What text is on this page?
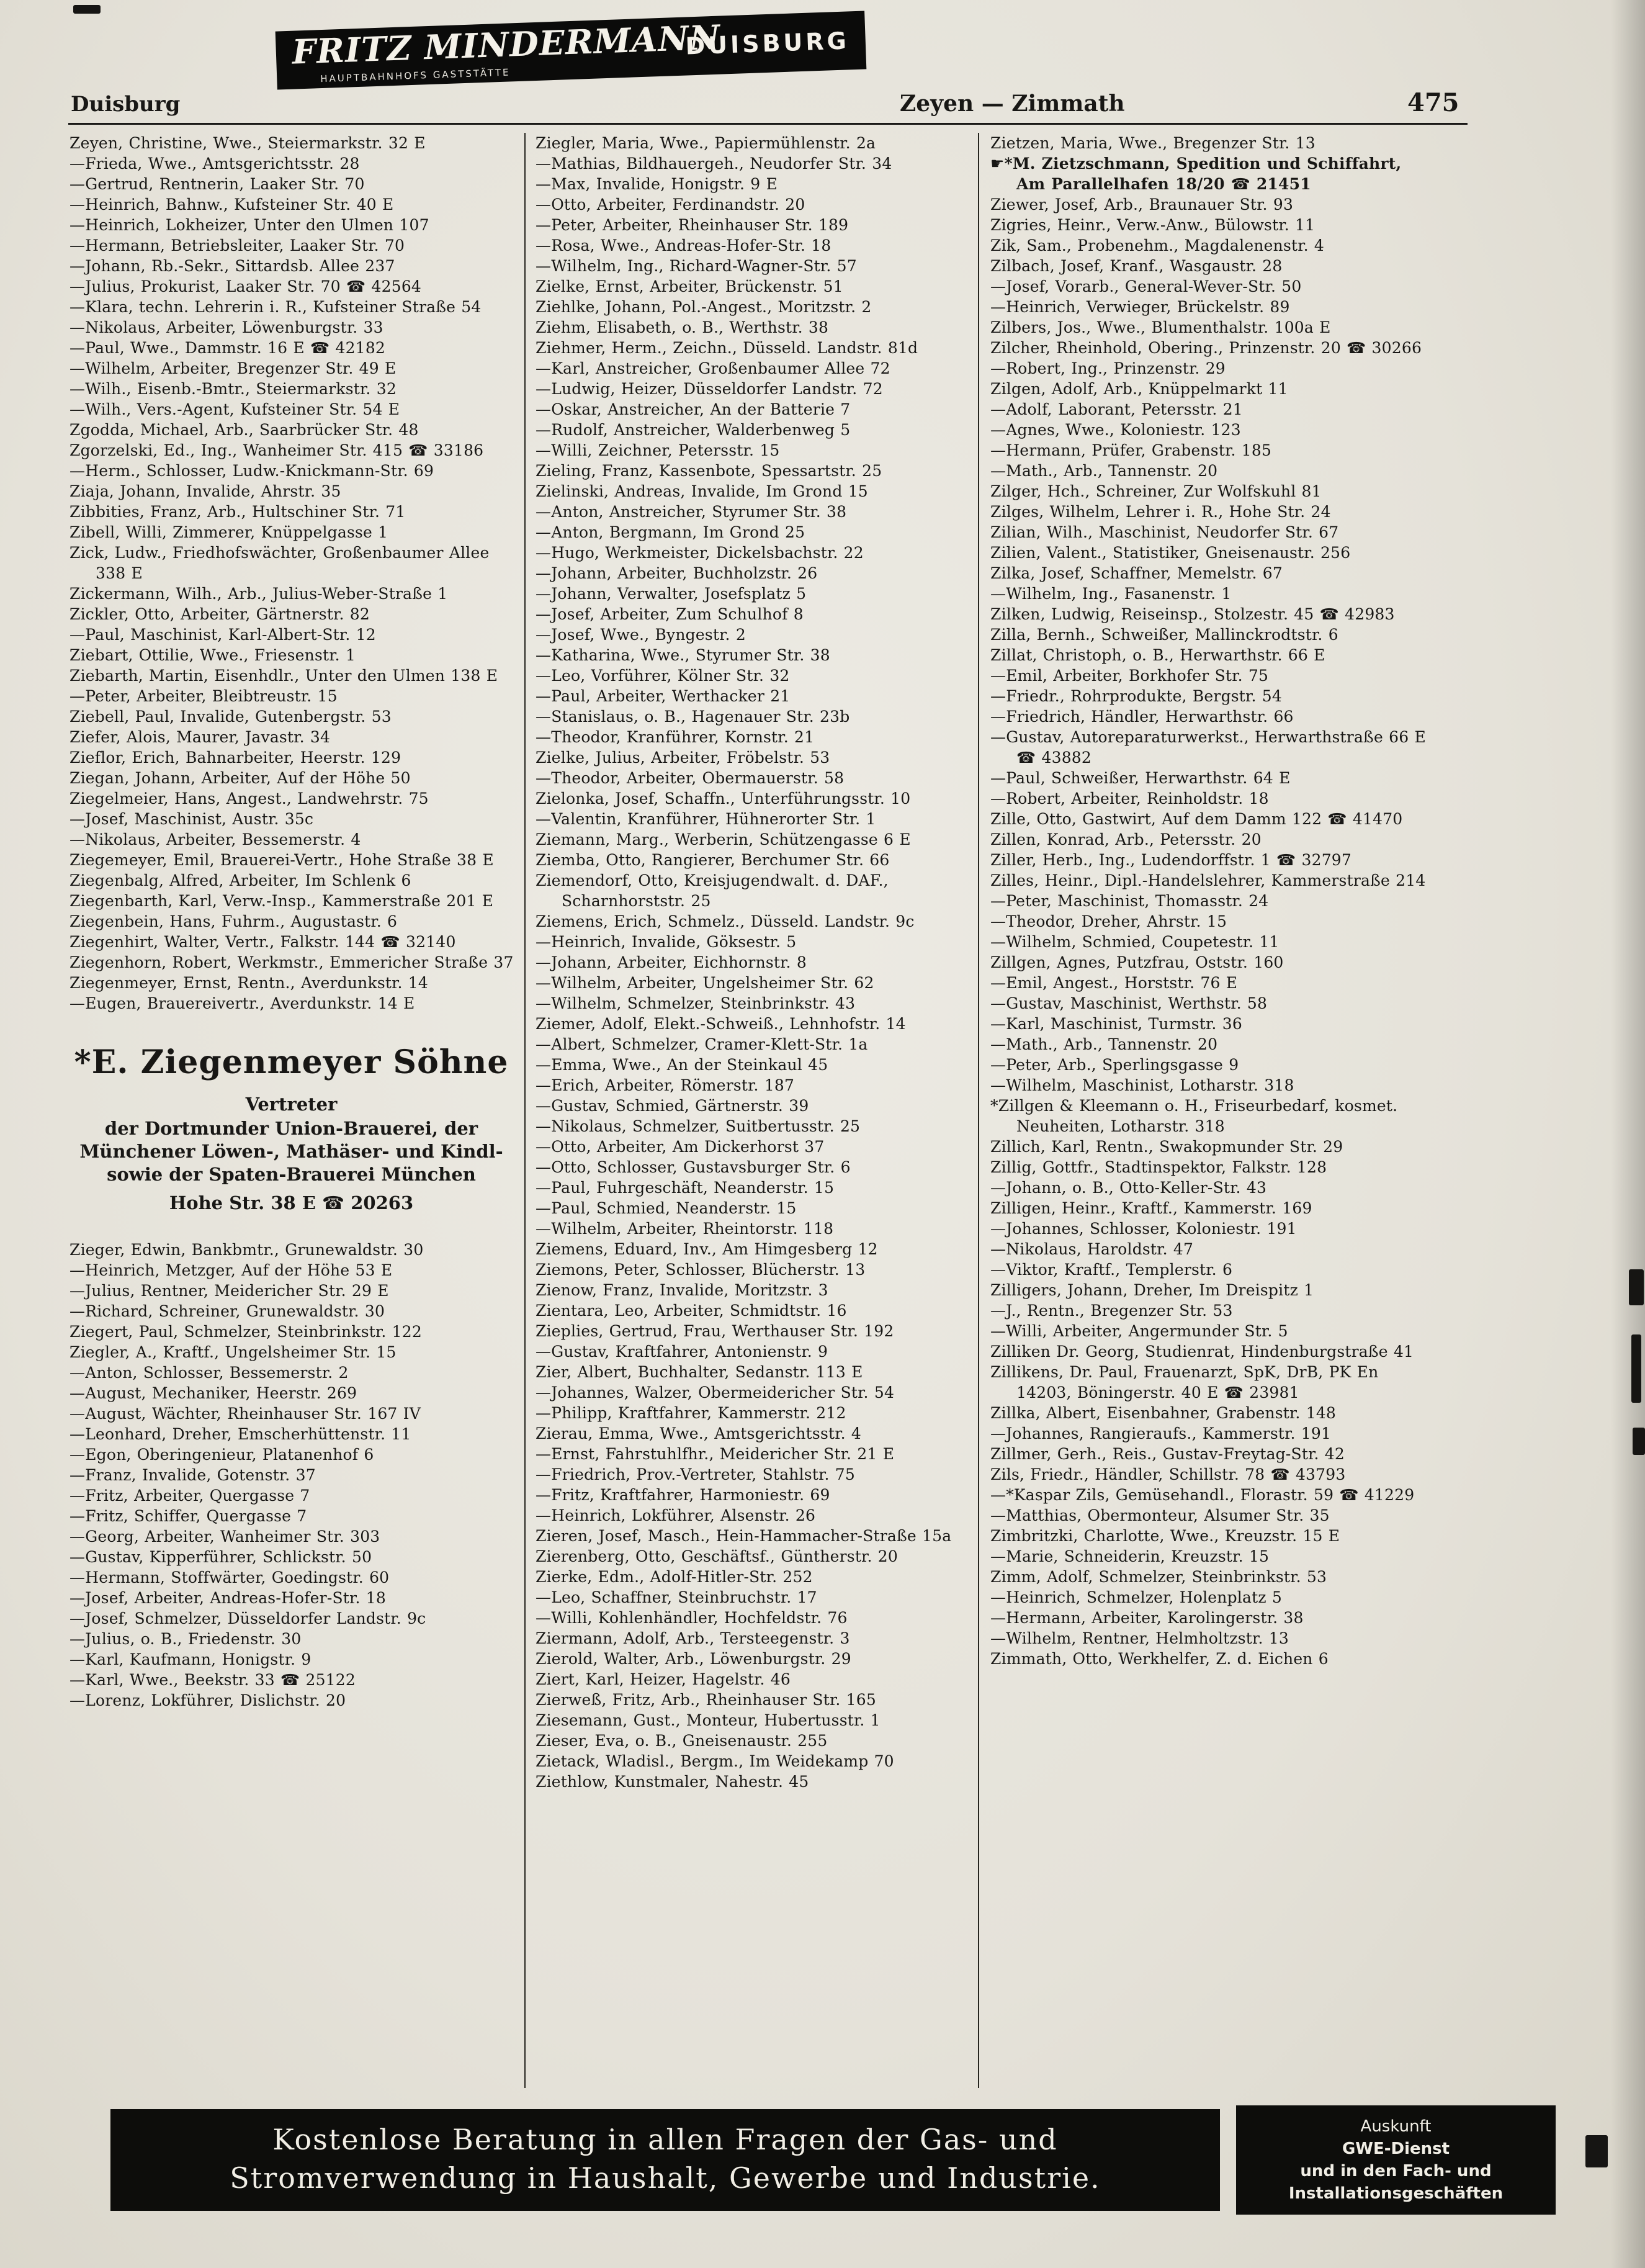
FRITZ MINDERMANN
HAUPTBAHNHOFS GASTSTÄTTE
DUISBURG
Duisburg	Zeyen — Zimmath	475
Zeyen, Christine, Wwe., Steiermarkstr. 32 E
—Frieda, Wwe., Amtsgerichtsstr. 28
—Gertrud, Rentnerin, Laaker Str. 70
—Heinrich, Bahnw., Kufsteiner Str. 40 E
—Heinrich, Lokheizer, Unter den Ulmen 107
—Hermann, Betriebsleiter, Laaker Str. 70
—Johann, Rb.-Sekr., Sittardsb. Allee 237
—Julius, Prokurist, Laaker Str. 70 ☎ 42564
—Klara, techn. Lehrerin i. R., Kufsteiner Straße 54
—Nikolaus, Arbeiter, Löwenburgstr. 33
—Paul, Wwe., Dammstr. 16 E ☎ 42182
—Wilhelm, Arbeiter, Bregenzer Str. 49 E
—Wilh., Eisenb.-Bmtr., Steiermarkstr. 32
—Wilh., Vers.-Agent, Kufsteiner Str. 54 E
Zgodda, Michael, Arb., Saarbrücker Str. 48
Zgorzelski, Ed., Ing., Wanheimer Str. 415 ☎ 33186
—Herm., Schlosser, Ludw.-Knickmann-Str. 69
Ziaja, Johann, Invalide, Ahrstr. 35
Zibbities, Franz, Arb., Hultschiner Str. 71
Zibell, Willi, Zimmerer, Knüppelgasse 1
Zick, Ludw., Friedhofswächter, Großenbaumer Allee 338 E
Zickermann, Wilh., Arb., Julius-Weber-Straße 1
Zickler, Otto, Arbeiter, Gärtnerstr. 82
—Paul, Maschinist, Karl-Albert-Str. 12
Ziebart, Ottilie, Wwe., Friesenstr. 1
Ziebarth, Martin, Eisenhdlr., Unter den Ulmen 138 E
—Peter, Arbeiter, Bleibtreustr. 15
Ziebell, Paul, Invalide, Gutenbergstr. 53
Ziefer, Alois, Maurer, Javastr. 34
Zieflor, Erich, Bahnarbeiter, Heerstr. 129
Ziegan, Johann, Arbeiter, Auf der Höhe 50
Ziegelmeier, Hans, Angest., Landwehrstr. 75
—Josef, Maschinist, Austr. 35c
—Nikolaus, Arbeiter, Bessemerstr. 4
Ziegemeyer, Emil, Brauerei-Vertr., Hohe Straße 38 E
Ziegenbalg, Alfred, Arbeiter, Im Schlenk 6
Ziegenbarth, Karl, Verw.-Insp., Kammerstraße 201 E
Ziegenbein, Hans, Fuhrm., Augustastr. 6
Ziegenhirt, Walter, Vertr., Falkstr. 144 ☎ 32140
Ziegenhorn, Robert, Werkmstr., Emmericher Straße 37
Ziegenmeyer, Ernst, Rentn., Averdunkstr. 14
—Eugen, Brauereivertr., Averdunkstr. 14 E
*E. Ziegenmeyer Söhne
Vertreter
der Dortmunder Union-Brauerei, der
Münchener Löwen-, Mathäser- und Kindl-
sowie der Spaten-Brauerei München
Hohe Str. 38 E ☎ 20263
Zieger, Edwin, Bankbmtr., Grunewaldstr. 30
—Heinrich, Metzger, Auf der Höhe 53 E
—Julius, Rentner, Meidericher Str. 29 E
—Richard, Schreiner, Grunewaldstr. 30
Ziegert, Paul, Schmelzer, Steinbrinkstr. 122
Ziegler, A., Kraftf., Ungelsheimer Str. 15
—Anton, Schlosser, Bessemerstr. 2
—August, Mechaniker, Heerstr. 269
—August, Wächter, Rheinhauser Str. 167 IV
—Leonhard, Dreher, Emscherhüttenstr. 11
—Egon, Oberingenieur, Platanenhof 6
—Franz, Invalide, Gotenstr. 37
—Fritz, Arbeiter, Quergasse 7
—Fritz, Schiffer, Quergasse 7
—Georg, Arbeiter, Wanheimer Str. 303
—Gustav, Kipperführer, Schlickstr. 50
—Hermann, Stoffwärter, Goedingstr. 60
—Josef, Arbeiter, Andreas-Hofer-Str. 18
—Josef, Schmelzer, Düsseldorfer Landstr. 9c
—Julius, o. B., Friedenstr. 30
—Karl, Kaufmann, Honigstr. 9
—Karl, Wwe., Beekstr. 33 ☎ 25122
—Lorenz, Lokführer, Dislichstr. 20
Ziegler, Maria, Wwe., Papiermühlenstr. 2a
—Mathias, Bildhauergeh., Neudorfer Str. 34
—Max, Invalide, Honigstr. 9 E
—Otto, Arbeiter, Ferdinandstr. 20
—Peter, Arbeiter, Rheinhauser Str. 189
—Rosa, Wwe., Andreas-Hofer-Str. 18
—Wilhelm, Ing., Richard-Wagner-Str. 57
Zielke, Ernst, Arbeiter, Brückenstr. 51
Ziehlke, Johann, Pol.-Angest., Moritzstr. 2
Ziehm, Elisabeth, o. B., Werthstr. 38
Ziehmer, Herm., Zeichn., Düsseld. Landstr. 81d
—Karl, Anstreicher, Großenbaumer Allee 72
—Ludwig, Heizer, Düsseldorfer Landstr. 72
—Oskar, Anstreicher, An der Batterie 7
—Rudolf, Anstreicher, Walderbenweg 5
—Willi, Zeichner, Petersstr. 15
Zieling, Franz, Kassenbote, Spessartstr. 25
Zielinski, Andreas, Invalide, Im Grond 15
—Anton, Anstreicher, Styrumer Str. 38
—Anton, Bergmann, Im Grond 25
—Hugo, Werkmeister, Dickelsbachstr. 22
—Johann, Arbeiter, Buchholzstr. 26
—Johann, Verwalter, Josefsplatz 5
—Josef, Arbeiter, Zum Schulhof 8
—Josef, Wwe., Byngestr. 2
—Katharina, Wwe., Styrumer Str. 38
—Leo, Vorführer, Kölner Str. 32
—Paul, Arbeiter, Werthacker 21
—Stanislaus, o. B., Hagenauer Str. 23b
—Theodor, Kranführer, Kornstr. 21
Zielke, Julius, Arbeiter, Fröbelstr. 53
—Theodor, Arbeiter, Obermauerstr. 58
Zielonka, Josef, Schaffn., Unterführungsstr. 10
—Valentin, Kranführer, Hühnerorter Str. 1
Ziemann, Marg., Werberin, Schützengasse 6 E
Ziemba, Otto, Rangierer, Berchumer Str. 66
Ziemendorf, Otto, Kreisjugendwalt. d. DAF., Scharnhorststr. 25
Ziemens, Erich, Schmelz., Düsseld. Landstr. 9c
—Heinrich, Invalide, Göksestr. 5
—Johann, Arbeiter, Eichhornstr. 8
—Wilhelm, Arbeiter, Ungelsheimer Str. 62
—Wilhelm, Schmelzer, Steinbrinkstr. 43
Ziemer, Adolf, Elekt.-Schweiß., Lehnhofstr. 14
—Albert, Schmelzer, Cramer-Klett-Str. 1a
—Emma, Wwe., An der Steinkaul 45
—Erich, Arbeiter, Römerstr. 187
—Gustav, Schmied, Gärtnerstr. 39
—Nikolaus, Schmelzer, Suitbertusstr. 25
—Otto, Arbeiter, Am Dickerhorst 37
—Otto, Schlosser, Gustavsburger Str. 6
—Paul, Fuhrgeschäft, Neanderstr. 15
—Paul, Schmied, Neanderstr. 15
—Wilhelm, Arbeiter, Rheintorstr. 118
Ziemens, Eduard, Inv., Am Himgesberg 12
Ziemons, Peter, Schlosser, Blücherstr. 13
Zienow, Franz, Invalide, Moritzstr. 3
Zientara, Leo, Arbeiter, Schmidtstr. 16
Zieplies, Gertrud, Frau, Werthauser Str. 192
—Gustav, Kraftfahrer, Antonienstr. 9
Zier, Albert, Buchhalter, Sedanstr. 113 E
—Johannes, Walzer, Obermeidericher Str. 54
—Philipp, Kraftfahrer, Kammerstr. 212
Zierau, Emma, Wwe., Amtsgerichtsstr. 4
—Ernst, Fahrstuhlfhr., Meidericher Str. 21 E
—Friedrich, Prov.-Vertreter, Stahlstr. 75
—Fritz, Kraftfahrer, Harmoniestr. 69
—Heinrich, Lokführer, Alsenstr. 26
Zieren, Josef, Masch., Hein-Hammacher-Straße 15a
Zierenberg, Otto, Geschäftsf., Güntherstr. 20
Zierke, Edm., Adolf-Hitler-Str. 252
—Leo, Schaffner, Steinbruchstr. 17
—Willi, Kohlenhändler, Hochfeldstr. 76
Ziermann, Adolf, Arb., Tersteegenstr. 3
Zierold, Walter, Arb., Löwenburgstr. 29
Ziert, Karl, Heizer, Hagelstr. 46
Zierweß, Fritz, Arb., Rheinhauser Str. 165
Ziesemann, Gust., Monteur, Hubertusstr. 1
Zieser, Eva, o. B., Gneisenaustr. 255
Zietack, Wladisl., Bergm., Im Weidekamp 70
Ziethlow, Kunstmaler, Nahestr. 45
Zietzen, Maria, Wwe., Bregenzer Str. 13
☛*M. Zietzschmann, Spedition und Schiffahrt, Am Parallelhafen 18/20 ☎ 21451
Ziewer, Josef, Arb., Braunauer Str. 93
Zigries, Heinr., Verw.-Anw., Bülowstr. 11
Zik, Sam., Probenehm., Magdalenenstr. 4
Zilbach, Josef, Kranf., Wasgaustr. 28
—Josef, Vorarb., General-Wever-Str. 50
—Heinrich, Verwieger, Brückelstr. 89
Zilbers, Jos., Wwe., Blumenthalstr. 100a E
Zilcher, Rheinhold, Obering., Prinzenstr. 20 ☎ 30266
—Robert, Ing., Prinzenstr. 29
Zilgen, Adolf, Arb., Knüppelmarkt 11
—Adolf, Laborant, Petersstr. 21
—Agnes, Wwe., Koloniestr. 123
—Hermann, Prüfer, Grabenstr. 185
—Math., Arb., Tannenstr. 20
Zilger, Hch., Schreiner, Zur Wolfskuhl 81
Zilges, Wilhelm, Lehrer i. R., Hohe Str. 24
Zilian, Wilh., Maschinist, Neudorfer Str. 67
Zilien, Valent., Statistiker, Gneisenaustr. 256
Zilka, Josef, Schaffner, Memelstr. 67
—Wilhelm, Ing., Fasanenstr. 1
Zilken, Ludwig, Reiseinsp., Stolzestr. 45 ☎ 42983
Zilla, Bernh., Schweißer, Mallinckrodtstr. 6
Zillat, Christoph, o. B., Herwarthstr. 66 E
—Emil, Arbeiter, Borkhofer Str. 75
—Friedr., Rohrprodukte, Bergstr. 54
—Friedrich, Händler, Herwarthstr. 66
—Gustav, Autoreparaturwerkst., Herwarthstraße 66 E ☎ 43882
—Paul, Schweißer, Herwarthstr. 64 E
—Robert, Arbeiter, Reinholdstr. 18
Zille, Otto, Gastwirt, Auf dem Damm 122 ☎ 41470
Zillen, Konrad, Arb., Petersstr. 20
Ziller, Herb., Ing., Ludendorffstr. 1 ☎ 32797
Zilles, Heinr., Dipl.-Handelslehrer, Kammerstraße 214
—Peter, Maschinist, Thomasstr. 24
—Theodor, Dreher, Ahrstr. 15
—Wilhelm, Schmied, Coupetestr. 11
Zillgen, Agnes, Putzfrau, Oststr. 160
—Emil, Angest., Horststr. 76 E
—Gustav, Maschinist, Werthstr. 58
—Karl, Maschinist, Turmstr. 36
—Math., Arb., Tannenstr. 20
—Peter, Arb., Sperlingsgasse 9
—Wilhelm, Maschinist, Lotharstr. 318
*Zillgen & Kleemann o. H., Friseurbedarf, kosmet. Neuheiten, Lotharstr. 318
Zillich, Karl, Rentn., Swakopmunder Str. 29
Zillig, Gottfr., Stadtinspektor, Falkstr. 128
—Johann, o. B., Otto-Keller-Str. 43
Zilligen, Heinr., Kraftf., Kammerstr. 169
—Johannes, Schlosser, Koloniestr. 191
—Nikolaus, Haroldstr. 47
—Viktor, Kraftf., Templerstr. 6
Zilligers, Johann, Dreher, Im Dreispitz 1
—J., Rentn., Bregenzer Str. 53
—Willi, Arbeiter, Angermunder Str. 5
Zilliken Dr. Georg, Studienrat, Hindenburgstraße 41
Zillikens, Dr. Paul, Frauenarzt, SpK, DrB, PK En 14203, Böningerstr. 40 E ☎ 23981
Zillka, Albert, Eisenbahner, Grabenstr. 148
—Johannes, Rangieraufs., Kammerstr. 191
Zillmer, Gerh., Reis., Gustav-Freytag-Str. 42
Zils, Friedr., Händler, Schillstr. 78 ☎ 43793
—*Kaspar Zils, Gemüsehandl., Florastr. 59 ☎ 41229
—Matthias, Obermonteur, Alsumer Str. 35
Zimbritzki, Charlotte, Wwe., Kreuzstr. 15 E
—Marie, Schneiderin, Kreuzstr. 15
Zimm, Adolf, Schmelzer, Steinbrinkstr. 53
—Heinrich, Schmelzer, Holenplatz 5
—Hermann, Arbeiter, Karolingerstr. 38
—Wilhelm, Rentner, Helmholtzstr. 13
Zimmath, Otto, Werkhelfer, Z. d. Eichen 6
Kostenlose Beratung in allen Fragen der Gas- und
Stromverwendung in Haushalt, Gewerbe und Industrie.
Auskunft
GWE-Dienst
und in den Fach- und
Installationsgeschäften
